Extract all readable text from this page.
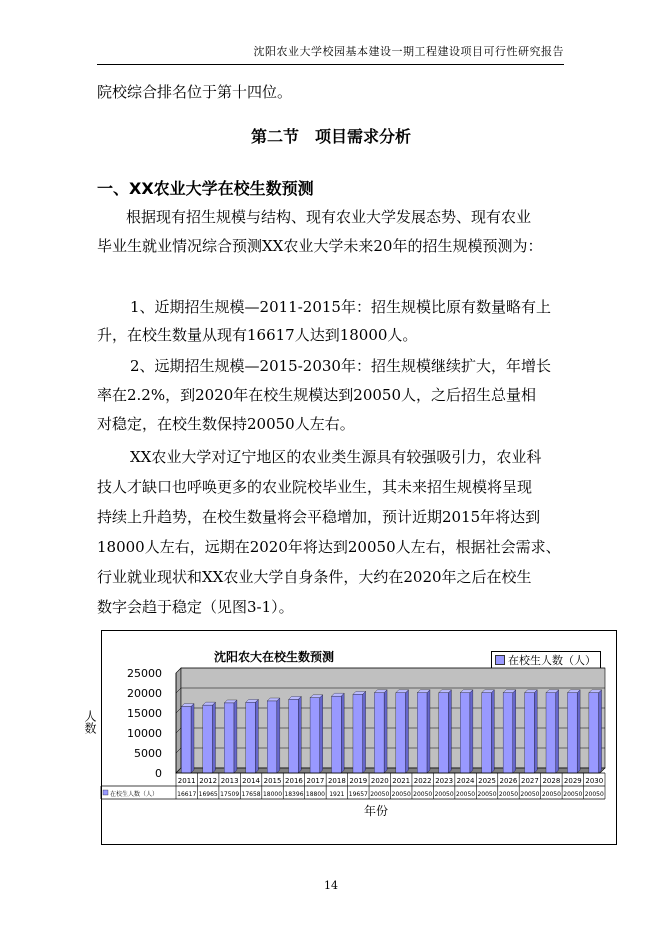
沈阳农业大学校园基本建设一期工程建设项目可行性研究报告
院校综合排名位于第十四位。
第二节　项目需求分析
一、XX农业大学在校生数预测
根据现有招生规模与结构、现有农业大学发展态势、现有农业
毕业生就业情况综合预测XX农业大学未来20年的招生规模预测为：
1、近期招生规模—2011-2015年：招生规模比原有数量略有上
升，在校生数量从现有16617人达到18000人。
2、远期招生规模—2015-2030年：招生规模继续扩大，年增长
率在2.2%，到2020年在校生规模达到20050人，之后招生总量相
对稳定，在校生数保持20050人左右。
XX农业大学对辽宁地区的农业类生源具有较强吸引力，农业科
技人才缺口也呼唤更多的农业院校毕业生，其未来招生规模将呈现
持续上升趋势，在校生数量将会平稳增加，预计近期2015年将达到
18000人左右，远期在2020年将达到20050人左右，根据社会需求、
行业就业现状和XX农业大学自身条件，大约在2020年之后在校生
数字会趋于稳定（见图3-1）。
沈阳农大在校生数预测	在校生人数（人）
人数
年份
25000
20000
15000
10000
5000
0
2011 2012 2013 2014 2015 2016 2017 2018 2019 2020 2021 2022 2023 2024 2025 2026 2027 2028 2029 2030
16617 16965 17509 17658 18000 18396 18800 1921 19657 20050 20050 20050 20050 20050 20050 20050 20050 20050 20050 20050
在校生人数（人）
14
